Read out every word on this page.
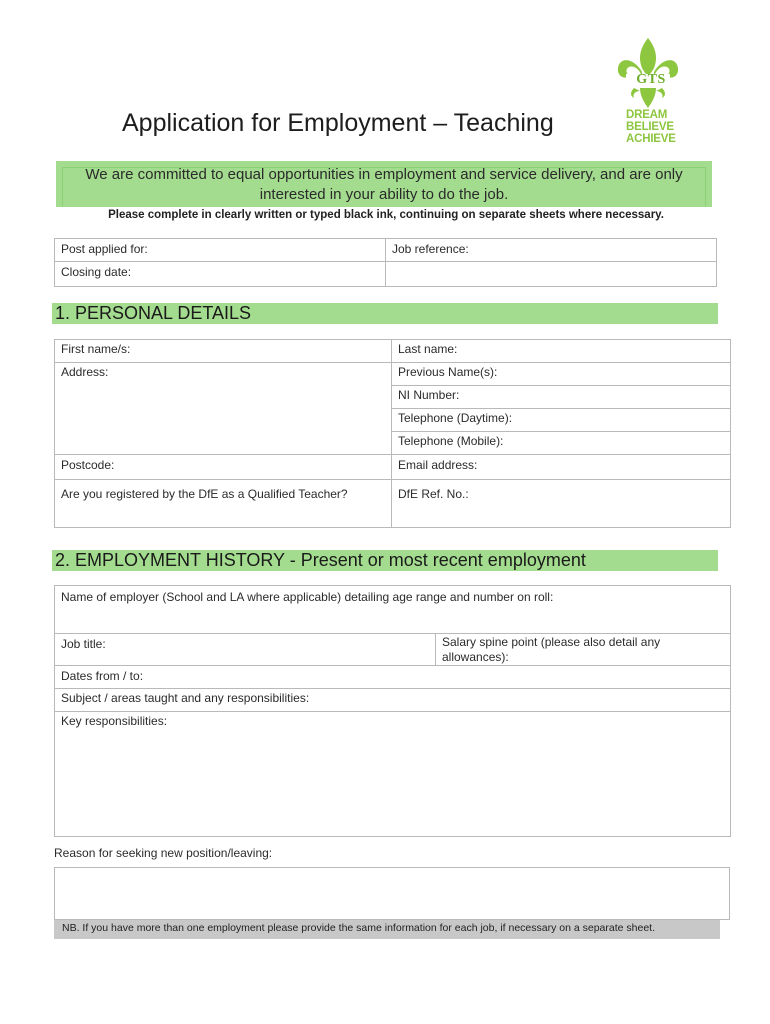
Application for Employment – Teaching
GTS
DREAM
BELIEVE
ACHIEVE
We are committed to equal opportunities in employment and service delivery, and are only
interested in your ability to do the job.
Please complete in clearly written or typed black ink, continuing on separate sheets where necessary.
Post applied for:	Job reference:
Closing date:	
1. PERSONAL DETAILS
First name/s:	Last name:
Address:	Previous Name(s):
	NI Number:
	Telephone (Daytime):
	Telephone (Mobile):
Postcode:	Email address:
Are you registered by the DfE as a Qualified Teacher?	DfE Ref. No.:
2. EMPLOYMENT HISTORY - Present or most recent employment
Name of employer (School and LA where applicable) detailing age range and number on roll:
Job title:	Salary spine point (please also detail any
allowances):

Dates from / to:
Subject / areas taught and any responsibilities:
Key responsibilities:
Reason for seeking new position/leaving:
NB. If you have more than one employment please provide the same information for each job, if necessary on a separate sheet.
